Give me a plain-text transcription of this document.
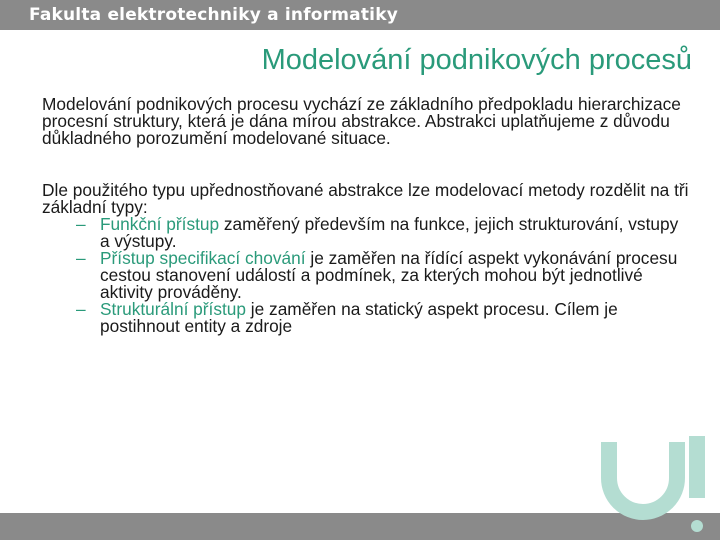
Fakulta elektrotechniky a informatiky
Modelování podnikových procesů

Modelování podnikových procesu vychází ze základního předpokladu hierarchizace procesní struktury, která je dána mírou abstrakce. Abstrakci uplatňujeme z důvodu důkladného porozumění modelované situace.

Dle použitého typu upřednostňované abstrakce lze modelovací metody rozdělit na tři základní typy:

– Funkční přístup zaměřený především na funkce, jejich strukturování, vstupy a výstupy.
– Přístup specifikací chování je zaměřen na řídící aspekt vykonávání procesu cestou stanovení událostí a podmínek, za kterých mohou být jednotlivé aktivity prováděny.
– Strukturální přístup je zaměřen na statický aspekt procesu. Cílem je postihnout entity a zdroje
